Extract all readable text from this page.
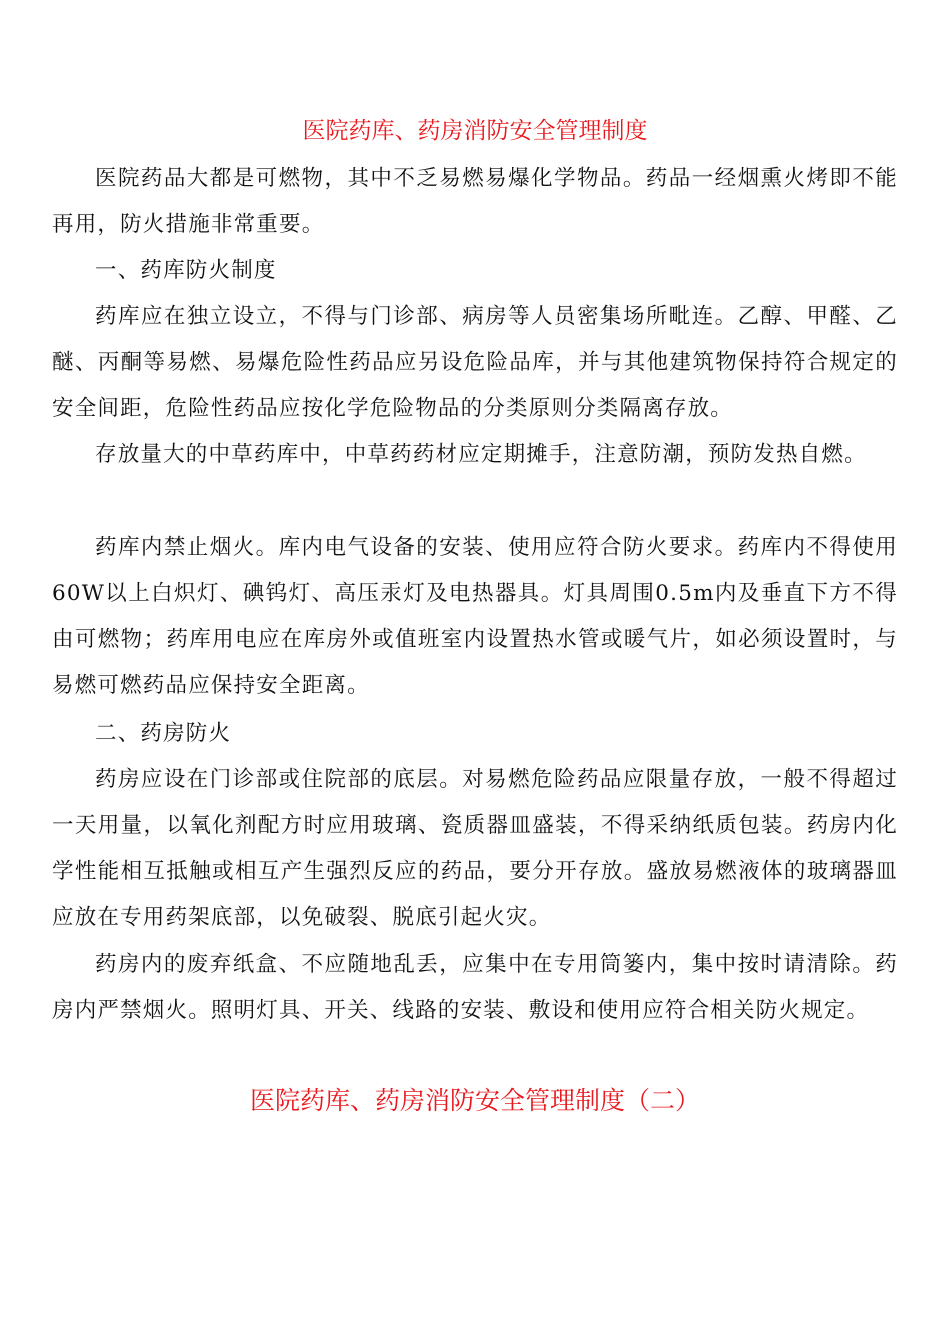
医院药库、药房消防安全管理制度

医院药品大都是可燃物，其中不乏易燃易爆化学物品。药品一经烟熏火烤即不能再用，防火措施非常重要。

一、药库防火制度

药库应在独立设立，不得与门诊部、病房等人员密集场所毗连。乙醇、甲醛、乙醚、丙酮等易燃、易爆危险性药品应另设危险品库，并与其他建筑物保持符合规定的安全间距，危险性药品应按化学危险物品的分类原则分类隔离存放。

存放量大的中草药库中，中草药药材应定期摊手，注意防潮，预防发热自燃。

药库内禁止烟火。库内电气设备的安装、使用应符合防火要求。药库内不得使用60W以上白炽灯、碘钨灯、高压汞灯及电热器具。灯具周围0.5m内及垂直下方不得由可燃物；药库用电应在库房外或值班室内设置热水管或暖气片，如必须设置时，与易燃可燃药品应保持安全距离。

二、药房防火

药房应设在门诊部或住院部的底层。对易燃危险药品应限量存放，一般不得超过一天用量，以氧化剂配方时应用玻璃、瓷质器皿盛装，不得采纳纸质包装。药房内化学性能相互抵触或相互产生强烈反应的药品，要分开存放。盛放易燃液体的玻璃器皿应放在专用药架底部，以免破裂、脱底引起火灾。

药房内的废弃纸盒、不应随地乱丢，应集中在专用筒篓内，集中按时请清除。药房内严禁烟火。照明灯具、开关、线路的安装、敷设和使用应符合相关防火规定。

医院药库、药房消防安全管理制度（二）
